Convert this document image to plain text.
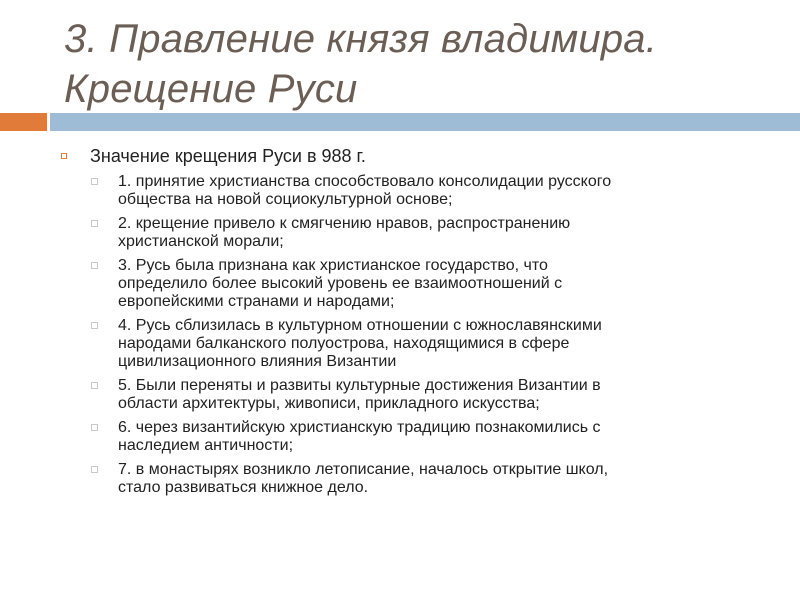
3. Правление князя владимира.
Крещение Руси
Значение крещения Руси в 988 г.
1. принятие христианства способствовало консолидации русского
общества на новой социокультурной основе;
2. крещение привело к смягчению нравов, распространению
христианской морали;
3. Русь была признана как христианское государство, что
определило более высокий уровень ее взаимоотношений с
европейскими странами и народами;
4. Русь сблизилась в культурном отношении с южнославянскими
народами балканского полуострова, находящимися в сфере
цивилизационного влияния Византии
5. Были переняты и развиты культурные достижения Византии в
области архитектуры, живописи, прикладного искусства;
6. через византийскую христианскую традицию познакомились с
наследием античности;
7. в монастырях возникло летописание, началось открытие школ,
стало развиваться книжное дело.
